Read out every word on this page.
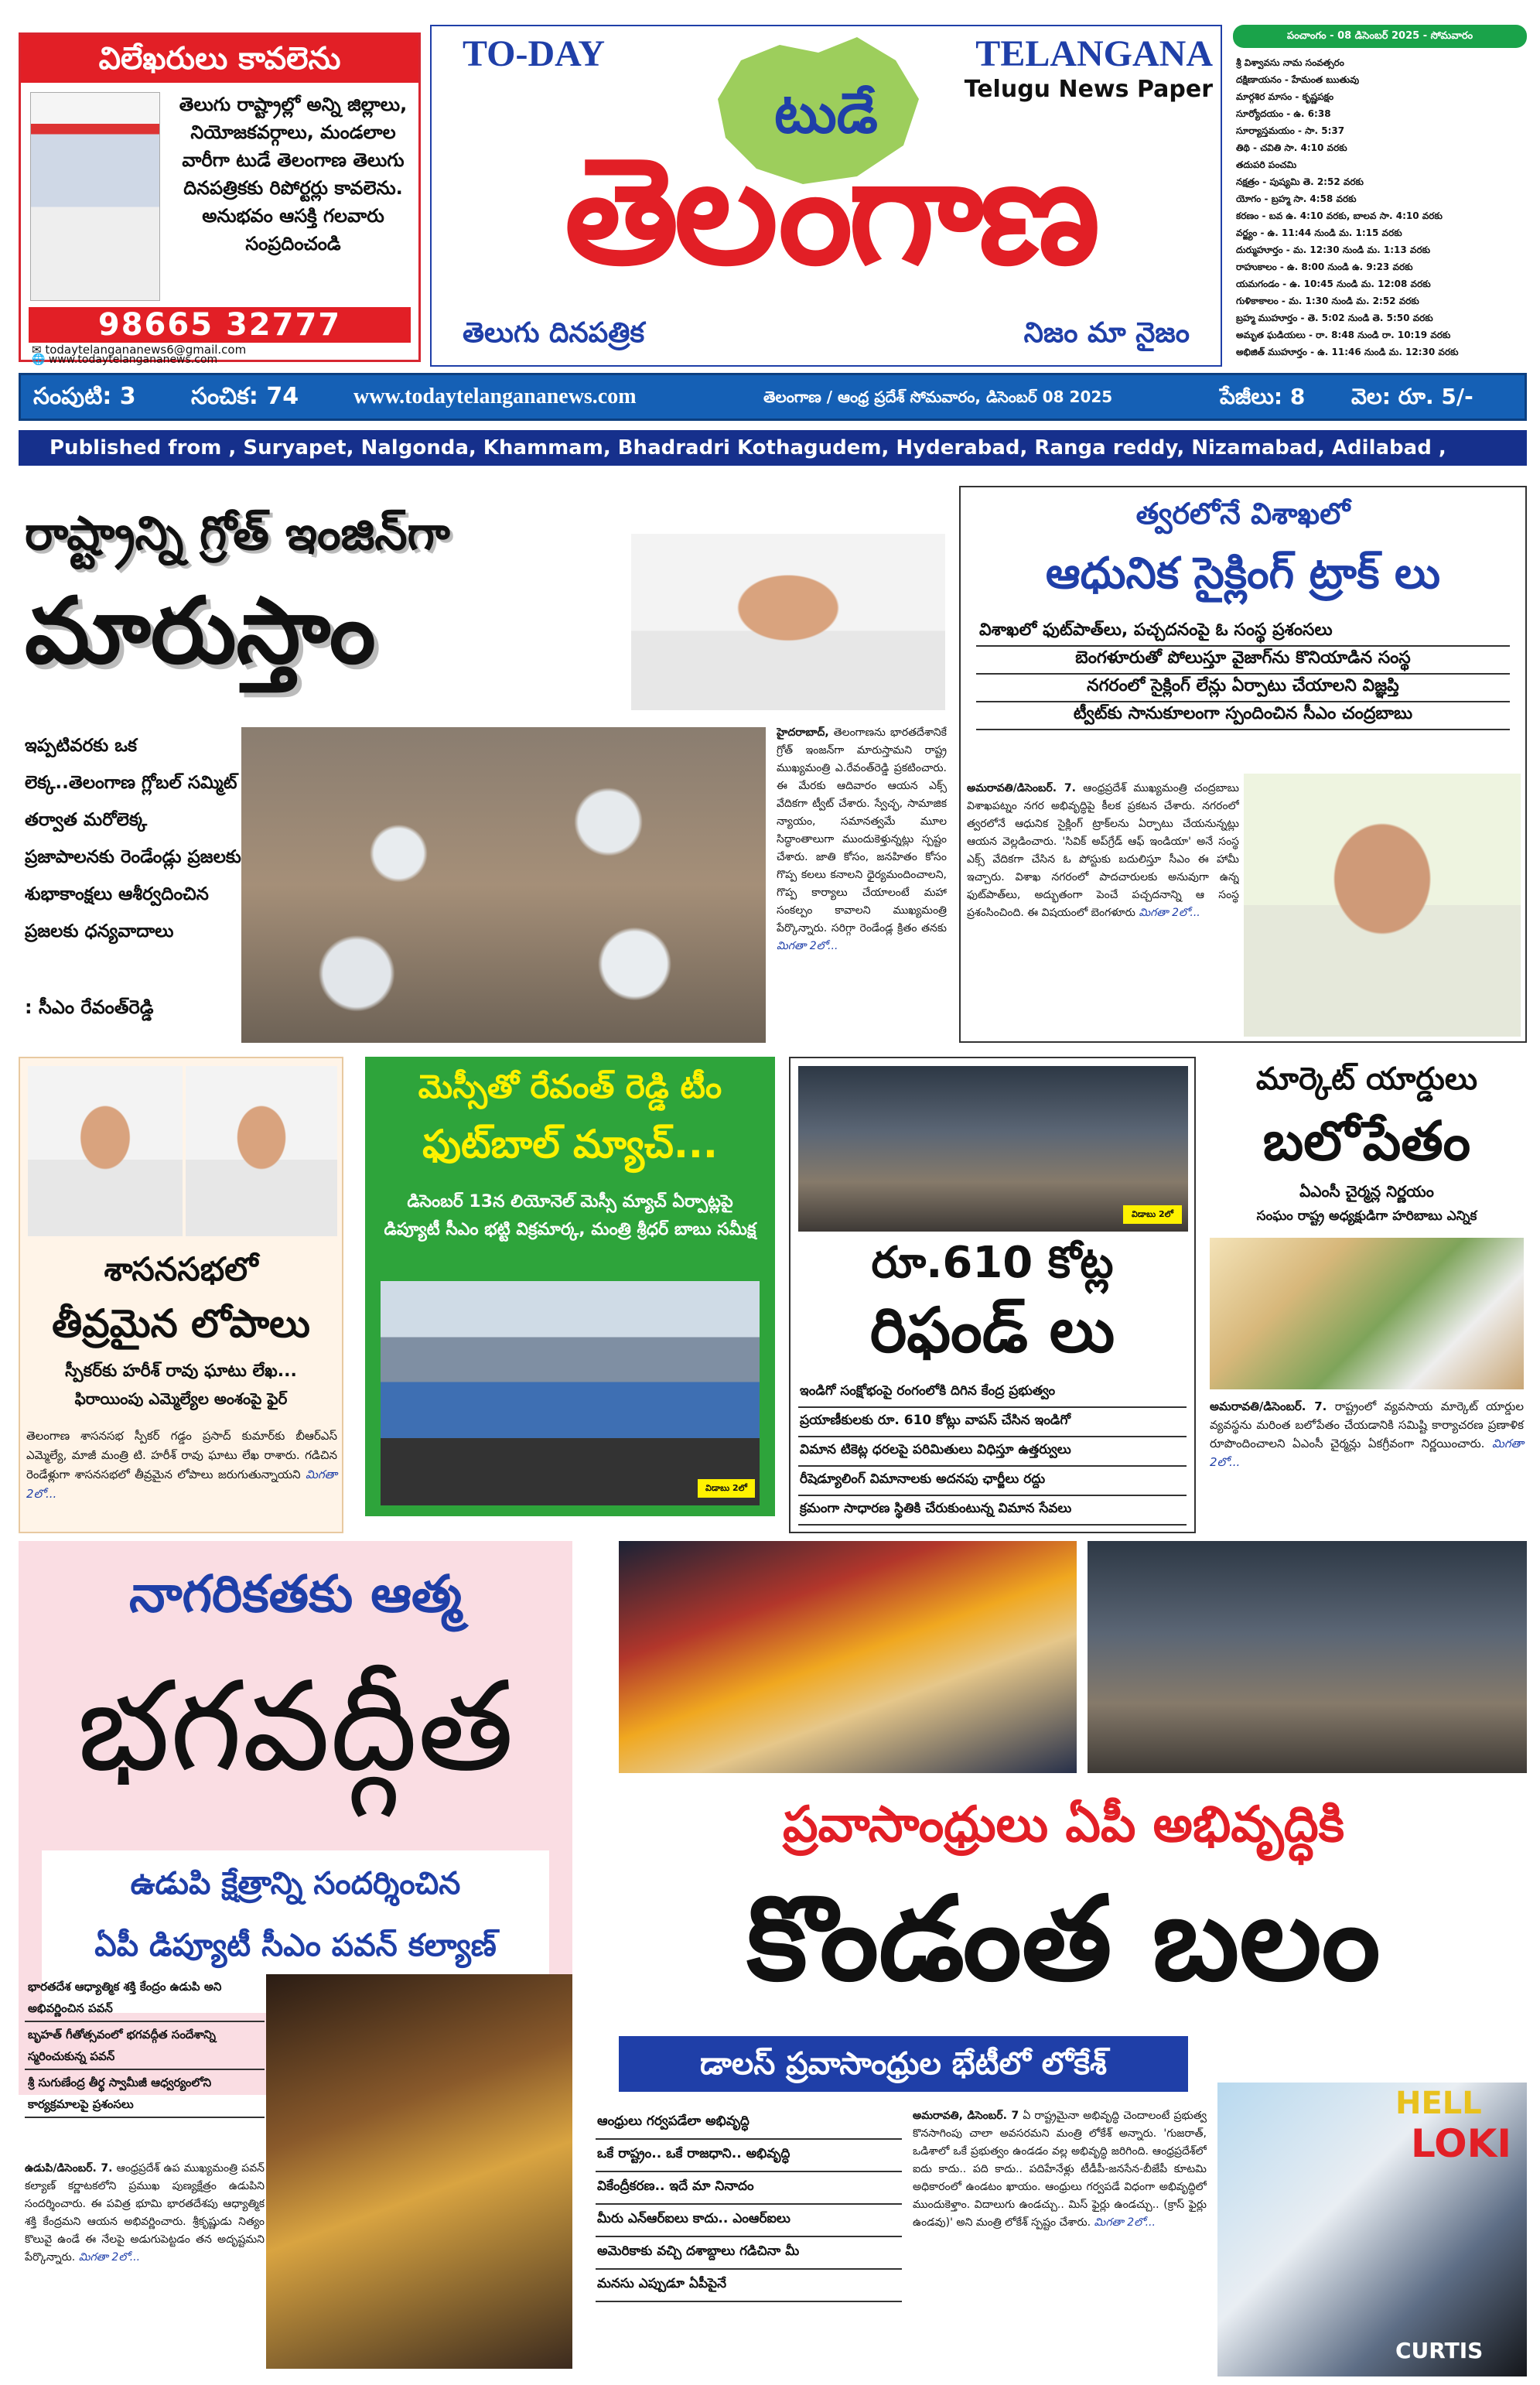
విలేఖరులు కావలెను
తెలుగు రాష్ట్రాల్లో అన్ని జిల్లాలు, నియోజకవర్గాలు, మండలాల వారీగా టుడే తెలంగాణ తెలుగు దినపత్రికకు రిపోర్టర్లు కావలెను. అనుభవం ఆసక్తి గలవారు సంప్రదించండి
98665 32777
✉ todaytelangananews6@gmail.com
🌐 www.todaytelangananews.com
TO-DAY	TELANGANA
Telugu News Paper
టుడే
తెలంగాణ
తెలుగు దినపత్రిక	నిజం మా నైజం
పంచాంగం - 08 డిసెంబర్ 2025 - సోమవారం
శ్రీ విశ్వావసు నామ సంవత్సరం
దక్షిణాయనం - హేమంత ఋతువు
మార్గశిర మాసం - కృష్ణపక్షం
సూర్యోదయం - ఉ. 6:38
సూర్యాస్తమయం - సా. 5:37
తిథి - చవితి సా. 4:10 వరకు
తదుపరి పంచమి
నక్షత్రం - పుష్యమి తె. 2:52 వరకు
యోగం - బ్రహ్మ సా. 4:58 వరకు
కరణం - బవ ఉ. 4:10 వరకు, బాలవ సా. 4:10 వరకు
వర్జ్యం - ఉ. 11:44 నుండి మ. 1:15 వరకు
దుర్ముహూర్తం - మ. 12:30 నుండి మ. 1:13 వరకు
రాహుకాలం - ఉ. 8:00 నుండి ఉ. 9:23 వరకు
యమగండం - ఉ. 10:45 నుండి మ. 12:08 వరకు
గుళికాకాలం - మ. 1:30 నుండి మ. 2:52 వరకు
బ్రహ్మ ముహూర్తం - తె. 5:02 నుండి తె. 5:50 వరకు
అమృత ఘడియలు - రా. 8:48 నుండి రా. 10:19 వరకు
అభిజిత్ ముహూర్తం - ఉ. 11:46 నుండి మ. 12:30 వరకు
సంపుటి: 3 సంచిక: 74	www.todaytelangananews.com	తెలంగాణ / ఆంధ్ర ప్రదేశ్ సోమవారం, డిసెంబర్ 08 2025	పేజీలు: 8 వెల: రూ. 5/-
Published from , Suryapet, Nalgonda, Khammam, Bhadradri Kothagudem, Hyderabad, Ranga reddy, Nizamabad, Adilabad ,
రాష్ట్రాన్ని గ్రోత్ ఇంజిన్‌గా
మారుస్తాం
ఇప్పటివరకు ఒక లెక్క..తెలంగాణ గ్లోబల్ సమ్మిట్ తర్వాత మరోలెక్క ప్రజాపాలనకు రెండేండ్లు ప్రజలకు శుభాకాంక్షలు ఆశీర్వదించిన ప్రజలకు ధన్యవాదాలు
: సీఎం రేవంత్‌రెడ్డి
హైదరాబాద్, తెలంగాణను భారతదేశానికే గ్రోత్ ఇంజన్‌గా మారుస్తామని రాష్ట్ర ముఖ్యమంత్రి ఎ.రేవంత్‌రెడ్డి ప్రకటించారు. ఈ మేరకు ఆదివారం ఆయన ఎక్స్ వేదికగా ట్వీట్ చేశారు. స్వేచ్ఛ, సామాజిక న్యాయం, సమానత్వమే మూల సిద్ధాంతాలుగా ముందుకెళ్తున్నట్లు స్పష్టం చేశారు. జాతి కోసం, జనహితం కోసం గొప్ప కలలు కనాలని ధైర్యమందించాలని, గొప్ప కార్యాలు చేయాలంటే మహా సంకల్పం కావాలని ముఖ్యమంత్రి పేర్కొన్నారు. సరిగ్గా రెండేండ్ల క్రితం తనకు మిగతా 2లో...
త్వరలోనే విశాఖలో
ఆధునిక సైక్లింగ్ ట్రాక్ లు
విశాఖలో ఫుట్‌పాత్‌లు, పచ్చదనంపై ఓ సంస్థ ప్రశంసలు
బెంగళూరుతో పోలుస్తూ వైజాగ్‌ను కొనియాడిన సంస్థ
నగరంలో సైక్లింగ్ లేన్లు ఏర్పాటు చేయాలని విజ్ఞప్తి
ట్వీట్‌కు సానుకూలంగా స్పందించిన సీఎం చంద్రబాబు
అమరావతి/డిసెంబర్. 7. ఆంధ్రప్రదేశ్ ముఖ్యమంత్రి చంద్రబాబు విశాఖపట్నం నగర అభివృద్ధిపై కీలక ప్రకటన చేశారు. నగరంలో త్వరలోనే ఆధునిక సైక్లింగ్ ట్రాక్‌లను ఏర్పాటు చేయనున్నట్లు ఆయన వెల్లడించారు. 'సివిక్ అప్‌గ్రేడ్ ఆఫ్ ఇండియా' అనే సంస్థ ఎక్స్ వేదికగా చేసిన ఓ పోస్టుకు బదులిస్తూ సీఎం ఈ హామీ ఇచ్చారు. విశాఖ నగరంలో పాదచారులకు అనువుగా ఉన్న ఫుట్‌పాత్‌లు, అద్భుతంగా పెంచే పచ్చదనాన్ని ఆ సంస్థ ప్రశంసించింది. ఈ విషయంలో బెంగళూరు మిగతా 2లో...
శాసనసభలో
తీవ్రమైన లోపాలు
స్పీకర్‌కు హరీశ్ రావు ఘాటు లేఖ...
ఫిరాయింపు ఎమ్మెల్యేల అంశంపై ఫైర్
తెలంగాణ శాసనసభ స్పీకర్ గడ్డం ప్రసాద్ కుమార్‌కు బీఆర్ఎస్ ఎమ్మెల్యే, మాజీ మంత్రి టి. హరీశ్ రావు ఘాటు లేఖ రాశారు. గడిచిన రెండేళ్లుగా శాసనసభలో తీవ్రమైన లోపాలు జరుగుతున్నాయని మిగతా 2లో...
మెస్సీతో రేవంత్ రెడ్డి టీం
ఫుట్‌బాల్ మ్యాచ్...
డిసెంబర్ 13న లియోనెల్ మెస్సీ మ్యాచ్ ఏర్పాట్లపై డిప్యూటీ సీఎం భట్టి విక్రమార్క, మంత్రి శ్రీధర్ బాబు సమీక్ష
విడాబు 2లో
విడాబు 2లో
రూ.610 కోట్ల
రిఫండ్ లు
ఇండిగో సంక్షోభంపై రంగంలోకి దిగిన కేంద్ర ప్రభుత్వం
ప్రయాణీకులకు రూ. 610 కోట్లు వాపస్ చేసిన ఇండిగో
విమాన టికెట్ల ధరలపై పరిమితులు విధిస్తూ ఉత్తర్వులు
రీషెడ్యూలింగ్ విమానాలకు అదనపు ఛార్జీలు రద్దు
క్రమంగా సాధారణ స్థితికి చేరుకుంటున్న విమాన సేవలు
మార్కెట్ యార్డులు
బలోపేతం
ఏఎంసీ చైర్మన్ల నిర్ణయం
సంఘం రాష్ట్ర అధ్యక్షుడిగా హరిబాబు ఎన్నిక
అమరావతి/డిసెంబర్. 7. రాష్ట్రంలో వ్యవసాయ మార్కెట్ యార్డుల వ్యవస్థను మరింత బలోపేతం చేయడానికి సమిష్టి కార్యాచరణ ప్రణాళిక రూపొందించాలని ఏఎంసీ చైర్మన్లు ఏకగ్రీవంగా నిర్ణయించారు. మిగతా 2లో...
నాగరికతకు ఆత్మ
భగవద్గీత
ఉడుపి క్షేత్రాన్ని సందర్శించిన
ఏపీ డిప్యూటీ సీఎం పవన్ కల్యాణ్
భారతదేశ ఆధ్యాత్మిక శక్తి కేంద్రం ఉడుపి అని అభివర్ణించిన పవన్
బృహత్ గీతోత్సవంలో భగవద్గీత సందేశాన్ని స్మరించుకున్న పవన్
శ్రీ సుగుణేంద్ర తీర్థ స్వామీజీ ఆధ్వర్యంలోని కార్యక్రమాలపై ప్రశంసలు
ఉడుపి/డిసెంబర్. 7. ఆంధ్రప్రదేశ్ ఉప ముఖ్యమంత్రి పవన్ కల్యాణ్ కర్ణాటకలోని ప్రముఖ పుణ్యక్షేత్రం ఉడుపిని సందర్శించారు. ఈ పవిత్ర భూమి భారతదేశపు ఆధ్యాత్మిక శక్తి కేంద్రమని ఆయన అభివర్ణించారు. శ్రీకృష్ణుడు నిత్యం కొలువై ఉండే ఈ నేలపై అడుగుపెట్టడం తన అదృష్టమని పేర్కొన్నారు. మిగతా 2లో...
ప్రవాసాంధ్రులు ఏపీ అభివృద్ధికి
కొండంత బలం
డాలస్ ప్రవాసాంధ్రుల భేటీలో లోకేశ్
ఆంధ్రులు గర్వపడేలా అభివృద్ధి
ఒకే రాష్ట్రం.. ఒకే రాజధాని.. అభివృద్ధి
వికేంద్రీకరణ.. ఇదే మా నినాదం
మీరు ఎన్ఆర్ఐలు కాదు.. ఎంఆర్ఐలు
అమెరికాకు వచ్చి దశాబ్దాలు గడిచినా మీ
మనసు ఎప్పుడూ ఏపీపైనే
అమరావతి, డిసెంబర్. 7 ఏ రాష్ట్రమైనా అభివృద్ధి చెందాలంటే ప్రభుత్వ కొనసాగింపు చాలా అవసరమని మంత్రి లోకేశ్ అన్నారు. 'గుజరాత్, ఒడిశాలో ఒకే ప్రభుత్వం ఉండడం వల్ల అభివృద్ధి జరిగింది. ఆంధ్రప్రదేశ్‌లో ఐదు కాదు.. పది కాదు.. పదిహేనేళ్లు టీడీపీ-జనసేన-బీజేపీ కూటమి అధికారంలో ఉండటం ఖాయం. ఆంధ్రులు గర్వపడే విధంగా అభివృద్ధిలో ముందుకెళ్తాం. విదాలుగు ఉండచ్చు.. మిస్ ఫైర్లు ఉండచ్చు.. (క్రాస్ ఫైర్లు ఉండవు)' అని మంత్రి లోకేశ్ స్పష్టం చేశారు. మిగతా 2లో...
HELL
LOKI
CURTIS
